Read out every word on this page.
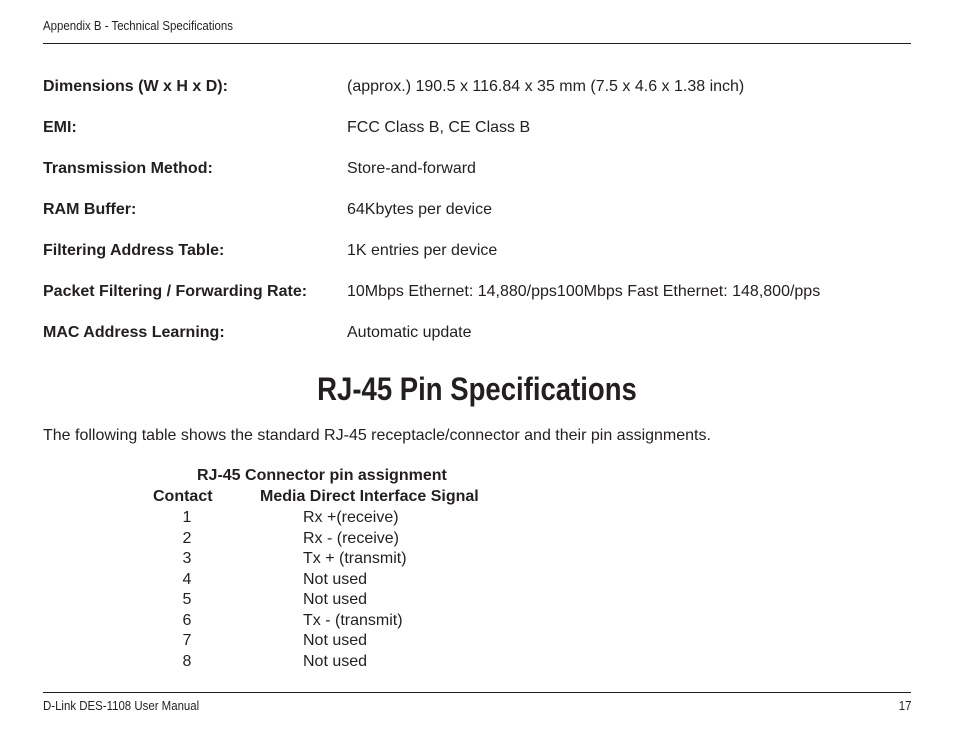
Appendix B - Technical Specifications
Dimensions (W x H x D):	(approx.) 190.5 x 116.84 x 35 mm (7.5 x 4.6 x 1.38 inch)
EMI:	FCC Class B, CE Class B
Transmission Method:	Store-and-forward
RAM Buffer:	64Kbytes per device
Filtering Address Table:	1K entries per device
Packet Filtering / Forwarding Rate: 10Mbps Ethernet: 14,880/pps100Mbps Fast Ethernet: 148,800/pps
MAC Address Learning:	Automatic update
RJ-45 Pin Specifications
The following table shows the standard RJ-45 receptacle/connector and their pin assignments.
RJ-45 Connector pin assignment
Contact	Media Direct Interface Signal
1	Rx +(receive)
2	Rx - (receive)
3	Tx + (transmit)
4	Not used
5	Not used
6	Tx - (transmit)
7	Not used
8	Not used
D-Link DES-1108 User Manual	17
